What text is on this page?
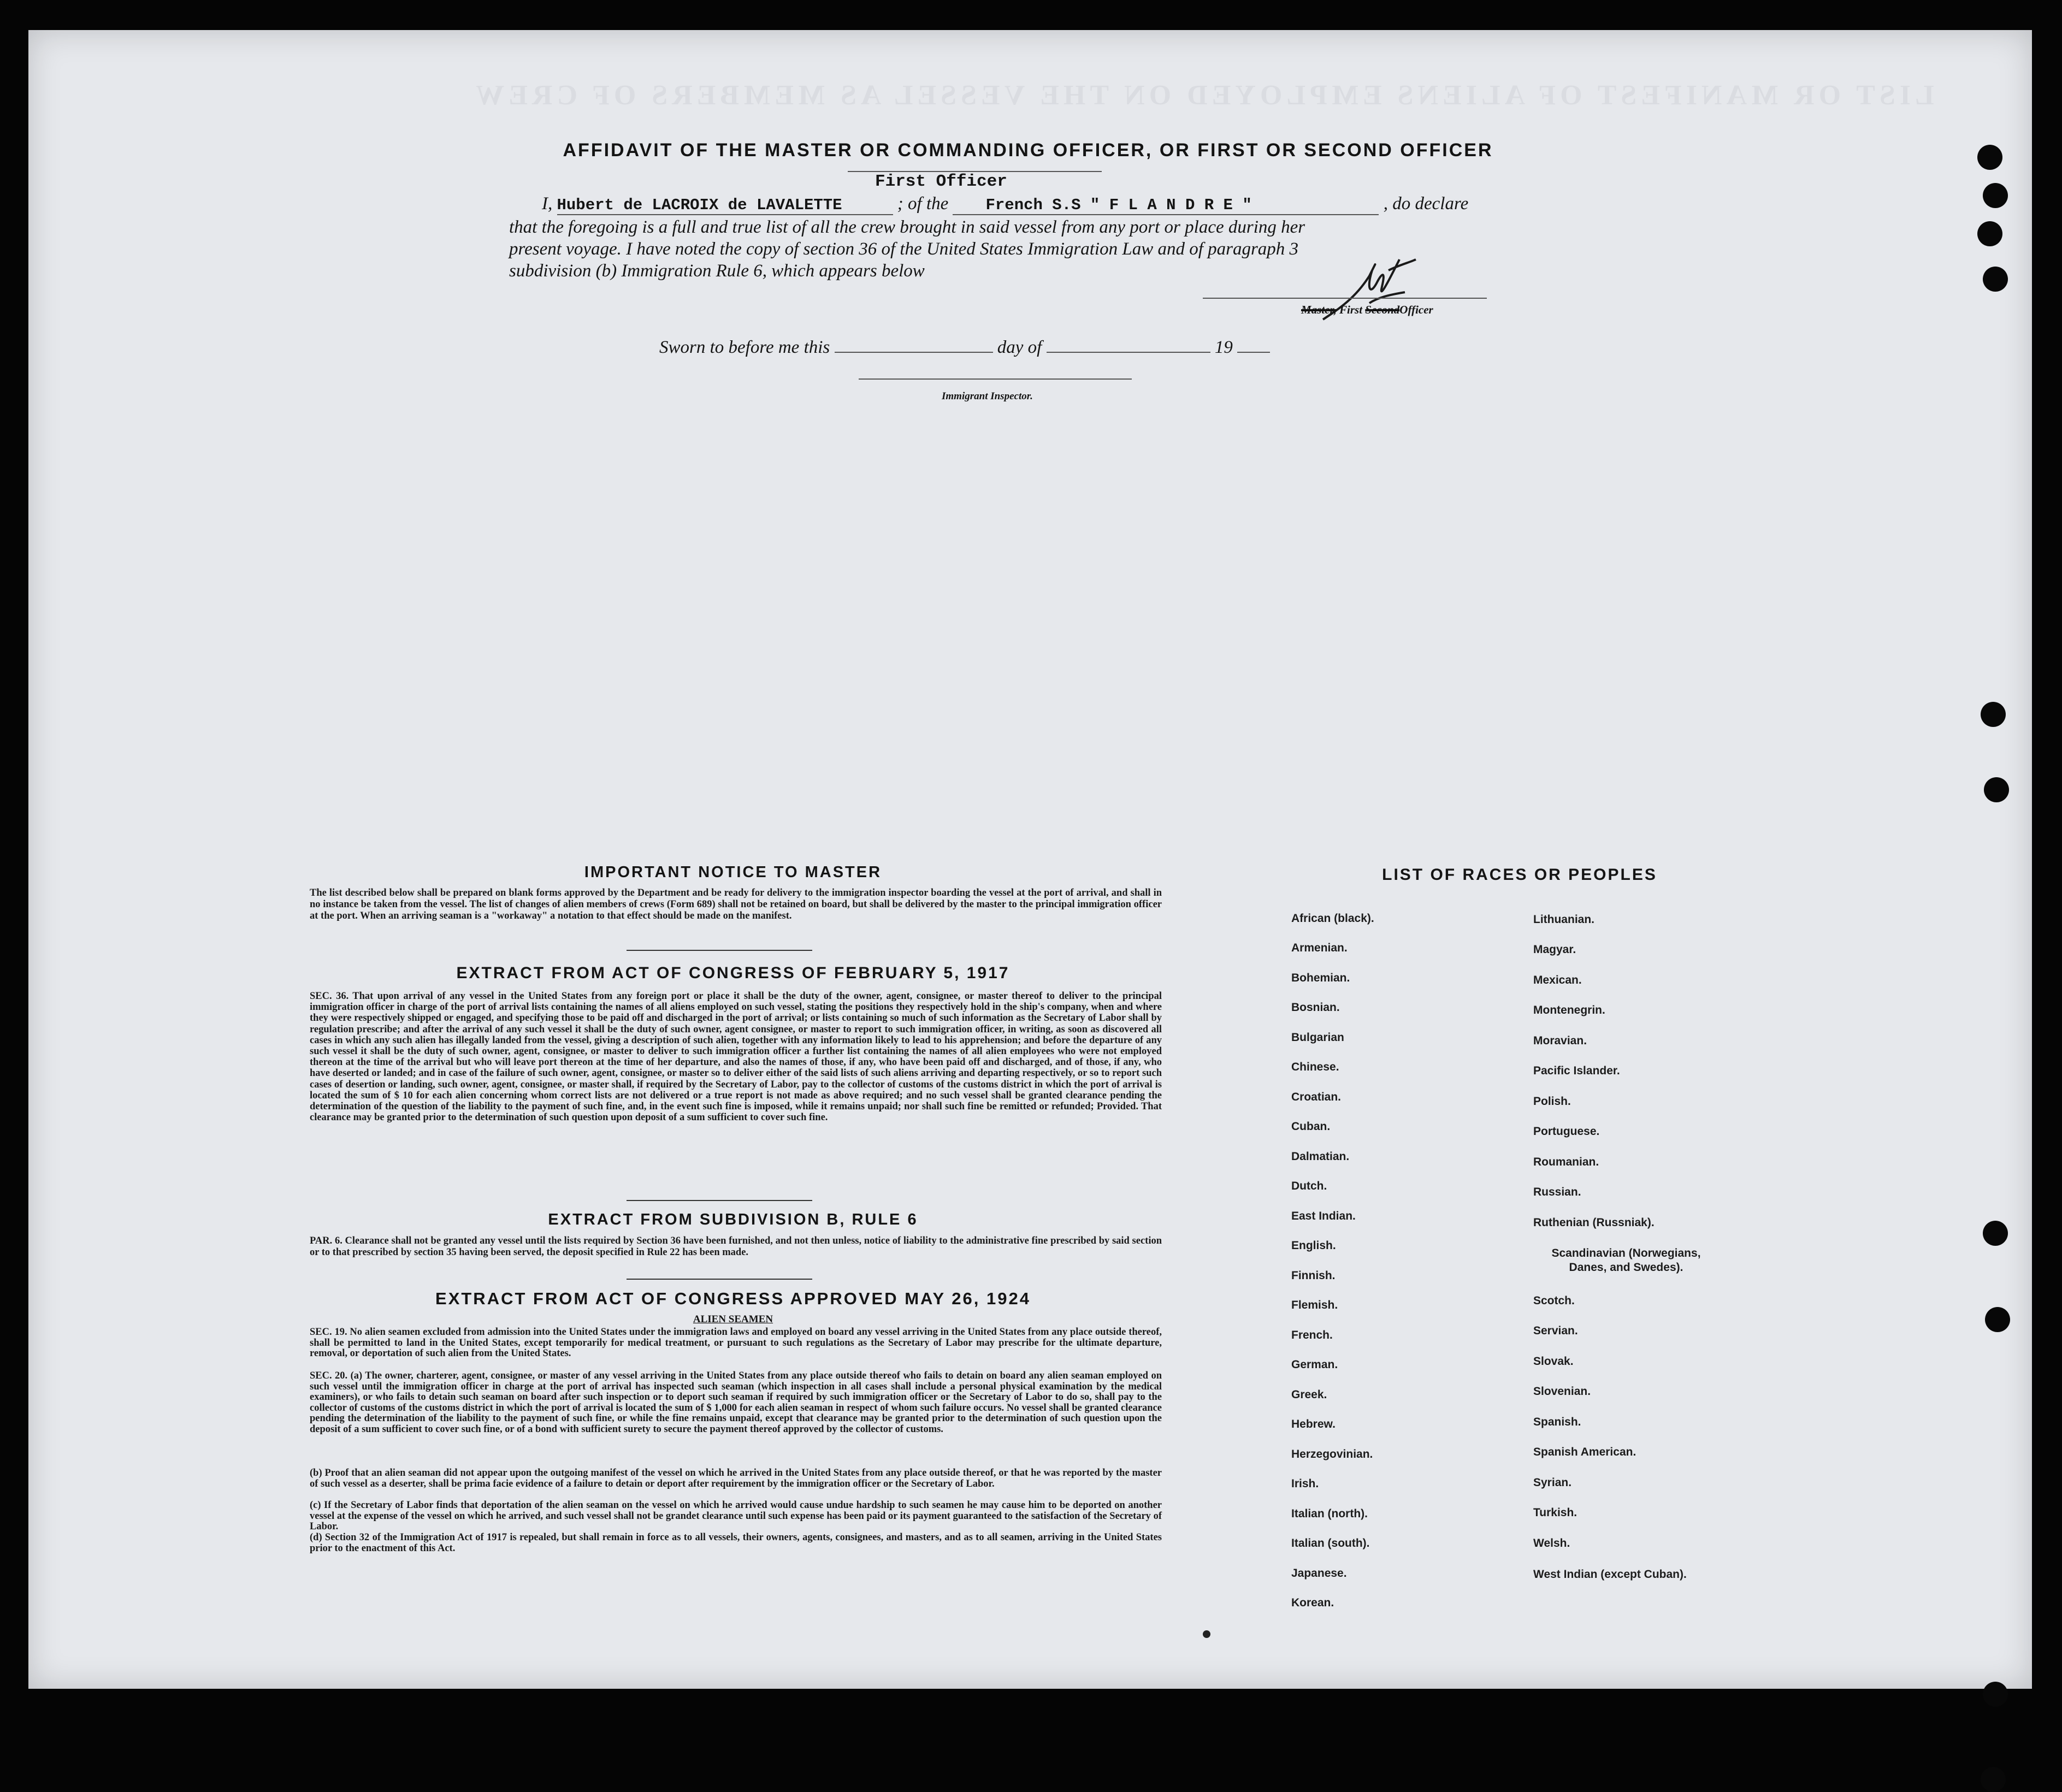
LIST OR MANIFEST OF ALIENS EMPLOYED ON THE VESSEL AS MEMBERS OF CREW
AFFIDAVIT OF THE MASTER OR COMMANDING OFFICER, OR FIRST OR SECOND OFFICER
First Officer
I, Hubert de LACROIX de LAVALETTE	; of the French S.S " F L A N D R E "	, do declare
that the foregoing is a full and true list of all the crew brought in said vessel from any port or place during her
present voyage. I have noted the copy of section 36 of the United States Immigration Law and of paragraph 3
subdivision (b) Immigration Rule 6, which appears below
Master, First SecondOfficer
Sworn to before me this	day of	19
Immigrant Inspector.
IMPORTANT NOTICE TO MASTER
The list described below shall be prepared on blank forms approved by the Department and be ready for delivery to the immigration inspector boarding the vessel at the port of arrival, and shall in no instance be taken from the vessel. The list of changes of alien members of crews (Form 689) shall not be retained on board, but shall be delivered by the master to the principal immigration officer at the port. When an arriving seaman is a "workaway" a notation to that effect should be made on the manifest.
EXTRACT FROM ACT OF CONGRESS OF FEBRUARY 5, 1917
SEC. 36. That upon arrival of any vessel in the United States from any foreign port or place it shall be the duty of the owner, agent, consignee, or master thereof to deliver to the principal immigration officer in charge of the port of arrival lists containing the names of all aliens employed on such vessel, stating the positions they respectively hold in the ship's company, when and where they were respectively shipped or engaged, and specifying those to be paid off and discharged in the port of arrival; or lists containing so much of such information as the Secretary of Labor shall by regulation prescribe; and after the arrival of any such vessel it shall be the duty of such owner, agent consignee, or master to report to such immigration officer, in writing, as soon as discovered all cases in which any such alien has illegally landed from the vessel, giving a description of such alien, together with any information likely to lead to his apprehension; and before the departure of any such vessel it shall be the duty of such owner, agent, consignee, or master to deliver to such immigration officer a further list containing the names of all alien employees who were not employed thereon at the time of the arrival but who will leave port thereon at the time of her departure, and also the names of those, if any, who have been paid off and discharged, and of those, if any, who have deserted or landed; and in case of the failure of such owner, agent, consignee, or master so to deliver either of the said lists of such aliens arriving and departing respectively, or so to report such cases of desertion or landing, such owner, agent, consignee, or master shall, if required by the Secretary of Labor, pay to the collector of customs of the customs district in which the port of arrival is located the sum of $ 10 for each alien concerning whom correct lists are not delivered or a true report is not made as above required; and no such vessel shall be granted clearance pending the determination of the question of the liability to the payment of such fine, and, in the event such fine is imposed, while it remains unpaid; nor shall such fine be remitted or refunded; Provided. That clearance may be granted prior to the determination of such question upon deposit of a sum sufficient to cover such fine.
EXTRACT FROM SUBDIVISION B, RULE 6
PAR. 6. Clearance shall not be granted any vessel until the lists required by Section 36 have been furnished, and not then unless, notice of liability to the administrative fine prescribed by said section or to that prescribed by section 35 having been served, the deposit specified in Rule 22 has been made.
EXTRACT FROM ACT OF CONGRESS APPROVED MAY 26, 1924
ALIEN SEAMEN
SEC. 19. No alien seamen excluded from admission into the United States under the immigration laws and employed on board any vessel arriving in the United States from any place outside thereof, shall be permitted to land in the United States, except temporarily for medical treatment, or pursuant to such regulations as the Secretary of Labor may prescribe for the ultimate departure, removal, or deportation of such alien from the United States.
SEC. 20. (a) The owner, charterer, agent, consignee, or master of any vessel arriving in the United States from any place outside thereof who fails to detain on board any alien seaman employed on such vessel until the immigration officer in charge at the port of arrival has inspected such seaman (which inspection in all cases shall include a personal physical examination by the medical examiners), or who fails to detain such seaman on board after such inspection or to deport such seaman if required by such immigration officer or the Secretary of Labor to do so, shall pay to the collector of customs of the customs district in which the port of arrival is located the sum of $ 1,000 for each alien seaman in respect of whom such failure occurs. No vessel shall be granted clearance pending the determination of the liability to the payment of such fine, or while the fine remains unpaid, except that clearance may be granted prior to the determination of such question upon the deposit of a sum sufficient to cover such fine, or of a bond with sufficient surety to secure the payment thereof approved by the collector of customs.
(b) Proof that an alien seaman did not appear upon the outgoing manifest of the vessel on which he arrived in the United States from any place outside thereof, or that he was reported by the master of such vessel as a deserter, shall be prima facie evidence of a failure to detain or deport after requirement by the immigration officer or the Secretary of Labor.
(c) If the Secretary of Labor finds that deportation of the alien seaman on the vessel on which he arrived would cause undue hardship to such seamen he may cause him to be deported on another vessel at the expense of the vessel on which he arrived, and such vessel shall not be grandet clearance until such expense has been paid or its payment guaranteed to the satisfaction of the Secretary of Labor.
(d) Section 32 of the Immigration Act of 1917 is repealed, but shall remain in force as to all vessels, their owners, agents, consignees, and masters, and as to all seamen, arriving in the United States prior to the enactment of this Act.
LIST OF RACES OR PEOPLES
African (black).
Armenian.
Bohemian.
Bosnian.
Bulgarian
Chinese.
Croatian.
Cuban.
Dalmatian.
Dutch.
East Indian.
English.
Finnish.
Flemish.
French.
German.
Greek.
Hebrew.
Herzegovinian.
Irish.
Italian (north).
Italian (south).
Japanese.
Korean.
Lithuanian.
Magyar.
Mexican.
Montenegrin.
Moravian.
Pacific Islander.
Polish.
Portuguese.
Roumanian.
Russian.
Ruthenian (Russniak).
Scandinavian (Norwegians, Danes, and Swedes).
Scotch.
Servian.
Slovak.
Slovenian.
Spanish.
Spanish American.
Syrian.
Turkish.
Welsh.
West Indian (except Cuban).
